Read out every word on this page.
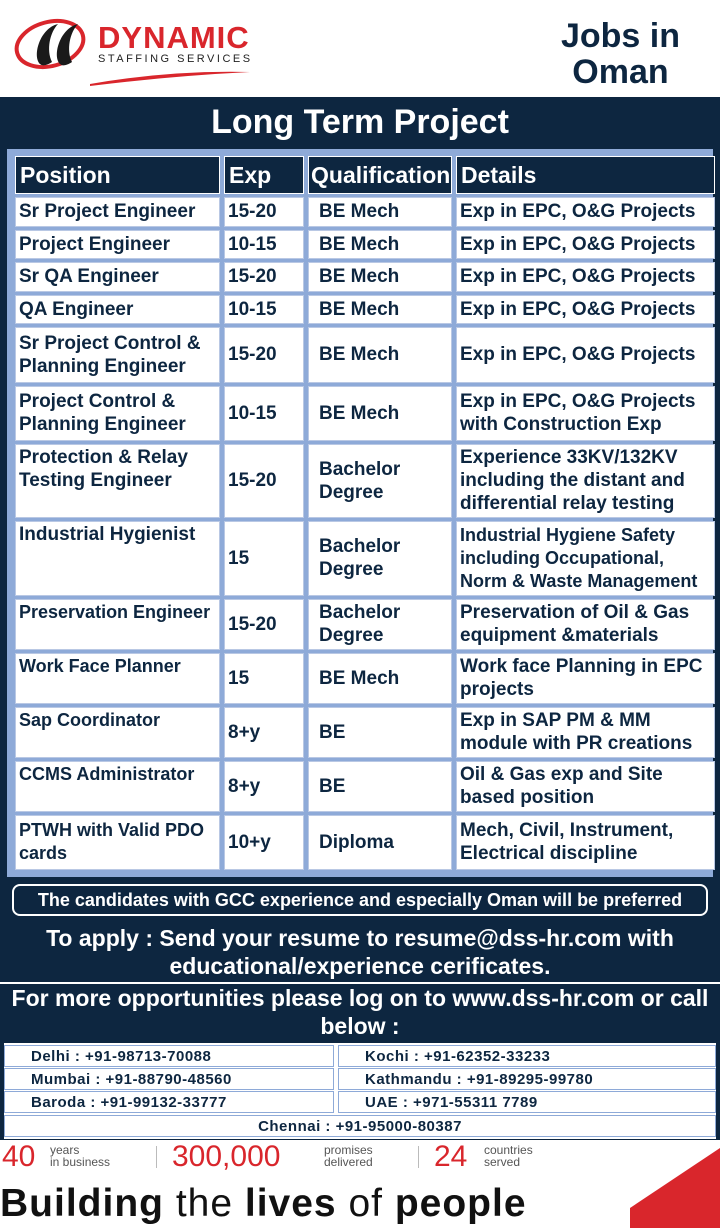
DYNAMIC
STAFFING SERVICES
Jobs in
Oman
Long Term Project
Position	Exp	Qualification	Details
Sr Project Engineer	15-20	BE Mech	Exp in EPC, O&G Projects
Project Engineer	10-15	BE Mech	Exp in EPC, O&G Projects
Sr QA Engineer	15-20	BE Mech	Exp in EPC, O&G Projects
QA Engineer	10-15	BE Mech	Exp in EPC, O&G Projects
Sr Project Control & Planning Engineer	15-20	BE Mech	Exp in EPC, O&G Projects
Project Control & Planning Engineer	10-15	BE Mech	Exp in EPC, O&G Projects with Construction Exp
Protection & Relay Testing Engineer	15-20	Bachelor Degree	Experience 33KV/132KV including the distant and differential relay testing
Industrial Hygienist	15	Bachelor Degree	Industrial Hygiene Safety including Occupational, Norm & Waste Management
Preservation Engineer	15-20	Bachelor Degree	Preservation of Oil & Gas equipment &materials
Work Face Planner	15	BE Mech	Work face Planning in EPC projects
Sap Coordinator	8+y	BE	Exp in SAP PM & MM module with PR creations
CCMS Administrator	8+y	BE	Oil & Gas exp and Site based position
PTWH with Valid PDO cards	10+y	Diploma	Mech, Civil, Instrument, Electrical discipline
The candidates with GCC experience and especially Oman will be preferred
To apply : Send your resume to resume@dss-hr.com with educational/experience cerificates.
For more opportunities please log on to www.dss-hr.com or call below :
Delhi : +91-98713-70088	Kochi : +91-62352-33233
Mumbai : +91-88790-48560	Kathmandu : +91-89295-99780
Baroda : +91-99132-33777	UAE : +971-55311 7789
Chennai : +91-95000-80387
40 years
in business 300,000	promises
delivered 24 countries
served
Building the lives of people
